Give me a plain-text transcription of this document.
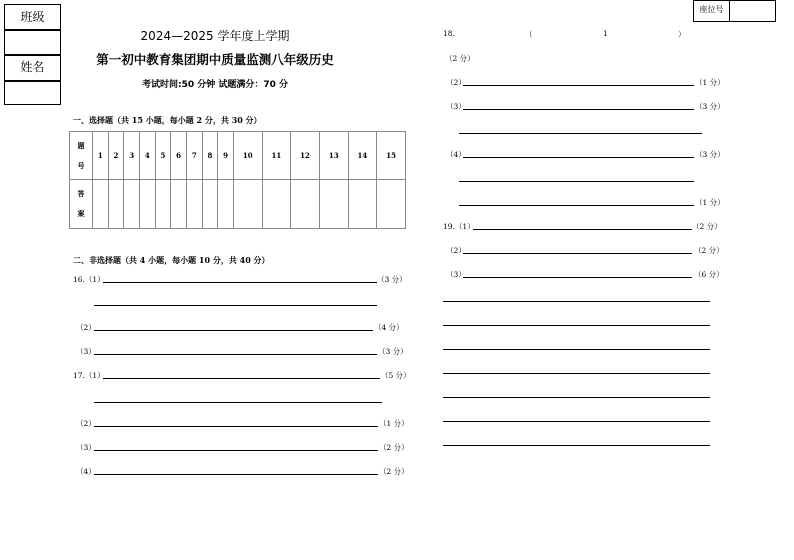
班级
姓名
座位号
2024—2025 学年度上学期
第一初中教育集团期中质量监测八年级历史
考试时间:50 分钟 试题满分：70 分
一、选择题（共 15 小题，每小题 2 分，共 30 分）
题
号	1	2	3	4	5	6	7	8	9	10	11	12	13	14	15

答
案															

二、非选择题（共 4 小题，每小题 10 分，共 40 分）
16.（1）	（3 分）
（2）	（4 分）
（3）	（3 分）
17.（1）	（5 分）
（2）	（1 分）
（3）	（2 分）
（4）	（2 分）
18.	（	1	）
（2 分）
（2）	（1 分）
（3）	（3 分）
（4）	（3 分）
（1 分）
19.（1）	（2 分）
（2）	（2 分）
（3）	（6 分）
